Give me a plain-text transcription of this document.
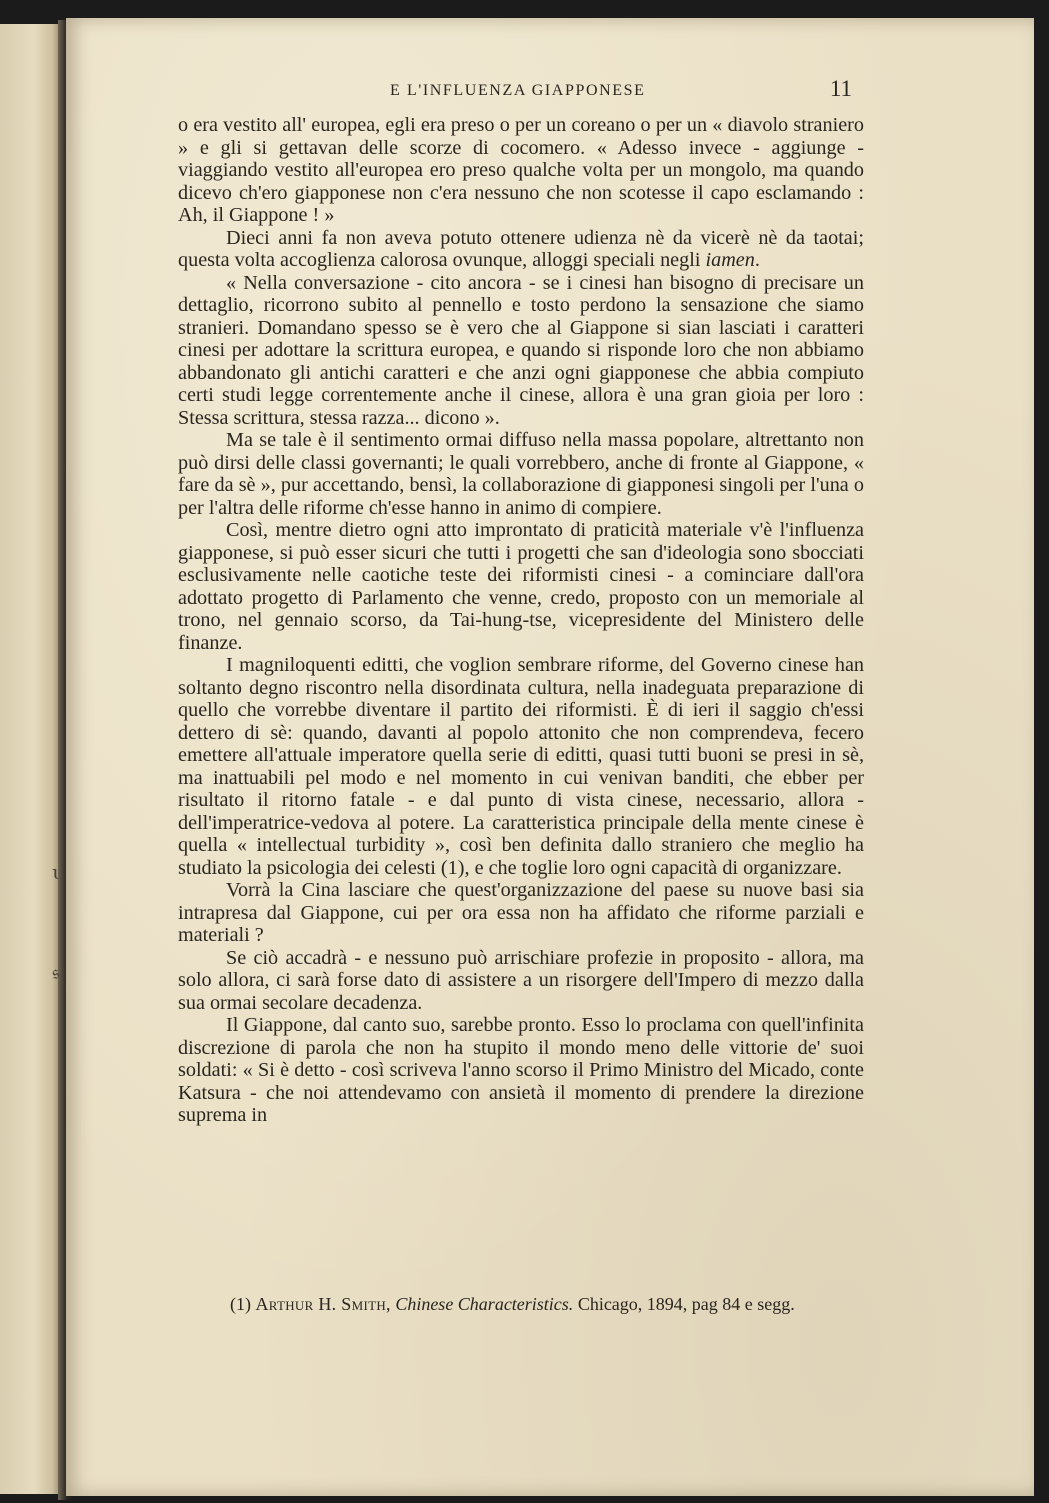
ɩ
𝔰
E L'INFLUENZA GIAPPONESE	11

o era vestito all' europea, egli era preso o per un coreano o per un « diavolo straniero » e gli si gettavan delle scorze di cocomero. « Adesso invece - aggiunge - viaggiando vestito all'europea ero preso qualche volta per un mongolo, ma quando dicevo ch'ero giapponese non c'era nessuno che non scotesse il capo esclamando : Ah, il Giappone ! »

Dieci anni fa non aveva potuto ottenere udienza nè da vicerè nè da taotai; questa volta accoglienza calorosa ovunque, alloggi speciali negli iamen.

« Nella conversazione - cito ancora - se i cinesi han bisogno di precisare un dettaglio, ricorrono subito al pennello e tosto perdono la sensazione che siamo stranieri. Domandano spesso se è vero che al Giappone si sian lasciati i caratteri cinesi per adottare la scrittura europea, e quando si risponde loro che non abbiamo abbandonato gli antichi caratteri e che anzi ogni giapponese che abbia compiuto certi studi legge correntemente anche il cinese, allora è una gran gioia per loro : Stessa scrittura, stessa razza... dicono ».

Ma se tale è il sentimento ormai diffuso nella massa popolare, altrettanto non può dirsi delle classi governanti; le quali vorrebbero, anche di fronte al Giappone, « fare da sè », pur accettando, bensì, la collaborazione di giapponesi singoli per l'una o per l'altra delle riforme ch'esse hanno in animo di compiere.

Così, mentre dietro ogni atto improntato di praticità materiale v'è l'influenza giapponese, si può esser sicuri che tutti i progetti che san d'ideologia sono sbocciati esclusivamente nelle caotiche teste dei riformisti cinesi - a cominciare dall'ora adottato progetto di Parlamento che venne, credo, proposto con un memoriale al trono, nel gennaio scorso, da Tai-hung-tse, vicepresidente del Ministero delle finanze.

I magniloquenti editti, che voglion sembrare riforme, del Governo cinese han soltanto degno riscontro nella disordinata cultura, nella inadeguata preparazione di quello che vorrebbe diventare il partito dei riformisti. È di ieri il saggio ch'essi dettero di sè: quando, davanti al popolo attonito che non comprendeva, fecero emettere all'attuale imperatore quella serie di editti, quasi tutti buoni se presi in sè, ma inattuabili pel modo e nel momento in cui venivan banditi, che ebber per risultato il ritorno fatale - e dal punto di vista cinese, necessario, allora - dell'imperatrice-vedova al potere. La caratteristica principale della mente cinese è quella « intellectual turbidity », così ben definita dallo straniero che meglio ha studiato la psicologia dei celesti (1), e che toglie loro ogni capacità di organizzare.

Vorrà la Cina lasciare che quest'organizzazione del paese su nuove basi sia intrapresa dal Giappone, cui per ora essa non ha affidato che riforme parziali e materiali ?

Se ciò accadrà - e nessuno può arrischiare profezie in proposito - allora, ma solo allora, ci sarà forse dato di assistere a un risorgere dell'Impero di mezzo dalla sua ormai secolare decadenza.

Il Giappone, dal canto suo, sarebbe pronto. Esso lo proclama con quell'infinita discrezione di parola che non ha stupito il mondo meno delle vittorie de' suoi soldati: « Si è detto - così scriveva l'anno scorso il Primo Ministro del Micado, conte Katsura - che noi attendevamo con ansietà il momento di prendere la direzione suprema in

(1) Arthur H. Smith, Chinese Characteristics. Chicago, 1894, pag 84 e segg.
